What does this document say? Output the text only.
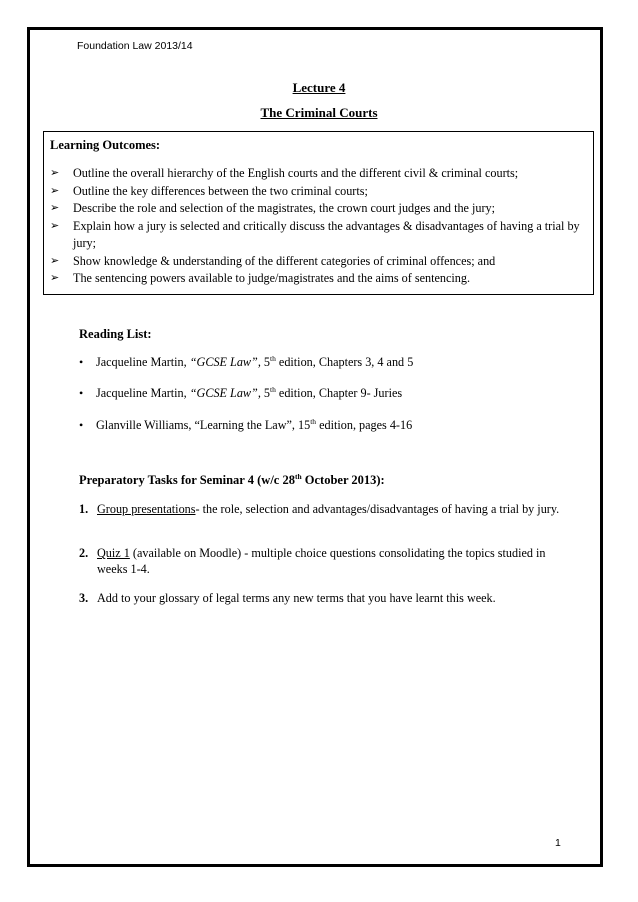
Foundation Law 2013/14
Lecture 4
The Criminal Courts
Learning Outcomes:
➢ Outline the overall hierarchy of the English courts and the different civil & criminal courts;
➢ Outline the key differences between the two criminal courts;
➢ Describe the role and selection of the magistrates, the crown court judges and the jury;
➢ Explain how a jury is selected and critically discuss the advantages & disadvantages of having a trial by jury;
➢ Show knowledge & understanding of the different categories of criminal offences; and
➢ The sentencing powers available to judge/magistrates and the aims of sentencing.
Reading List:
• Jacqueline Martin, “GCSE Law”, 5th edition, Chapters 3, 4 and 5
• Jacqueline Martin, “GCSE Law”, 5th edition, Chapter 9- Juries
• Glanville Williams, “Learning the Law”, 15th edition, pages 4-16
Preparatory Tasks for Seminar 4 (w/c 28th October 2013):
1. Group presentations- the role, selection and advantages/disadvantages of having a trial by jury.
2. Quiz 1 (available on Moodle) - multiple choice questions consolidating the topics studied in weeks 1-4.
3. Add to your glossary of legal terms any new terms that you have learnt this week.
1
